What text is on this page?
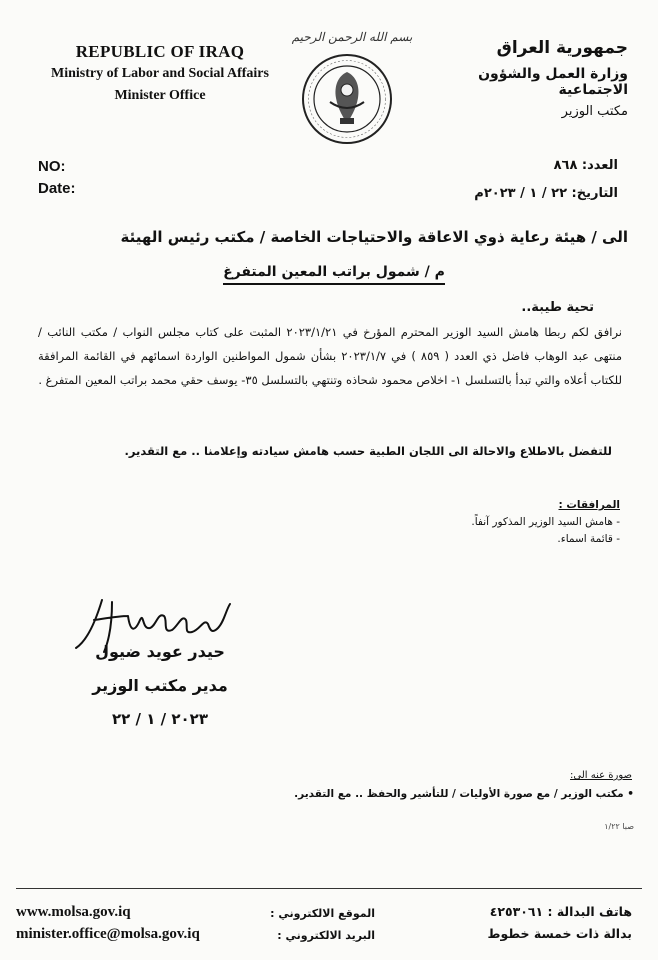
REPUBLIC OF IRAQ
Ministry of Labor and Social Affairs
Minister Office
بسم الله الرحمن الرحيم
جمهورية العراق
وزارة العمل والشؤون الاجتماعية
مكتب الوزير
NO:
Date:
العدد: ٨٦٨
التاريخ: ٢٢ / ١ / ٢٠٢٣م
الى / هيئة رعاية ذوي الاعاقة والاحتياجات الخاصة / مكتب رئيس الهيئة
م / شمول براتب المعين المتفرغ
تحية طيبة..
نرافق لكم ربطا هامش السيد الوزير المحترم المؤرخ في ٢٠٢٣/١/٢١ المثبت على كتاب مجلس النواب / مكتب النائب / منتهى عبد الوهاب فاضل ذي العدد ( ٨٥٩ ) في ٢٠٢٣/١/٧ بشأن شمول المواطنين الواردة اسمائهم في القائمة المرافقة للكتاب أعلاه والتي تبدأ بالتسلسل ١- اخلاص محمود شحاذه وتنتهي بالتسلسل ٣٥- يوسف حقي محمد براتب المعين المتفرغ .
للتفضل بالاطلاع والاحالة الى اللجان الطبية حسب هامش سيادته وإعلامنا .. مع التقدير.
المرافقات :
- هامش السيد الوزير المذكور آنفاً.
- قائمة اسماء.
حيدر عويد ضيول
مدير مكتب الوزير
٢٠٢٣ / ١ / ٢٢
صورة عنه الى:
• مكتب الوزير / مع صورة الأوليات / للتأشير والحفظ .. مع التقدير.
صبا ١/٢٢
www.molsa.gov.iq
minister.office@molsa.gov.iq
الموقع الالكتروني :
البريد الالكتروني :
هاتف البدالة : ٤٢٥٣٠٦١
بدالة ذات خمسة خطوط
